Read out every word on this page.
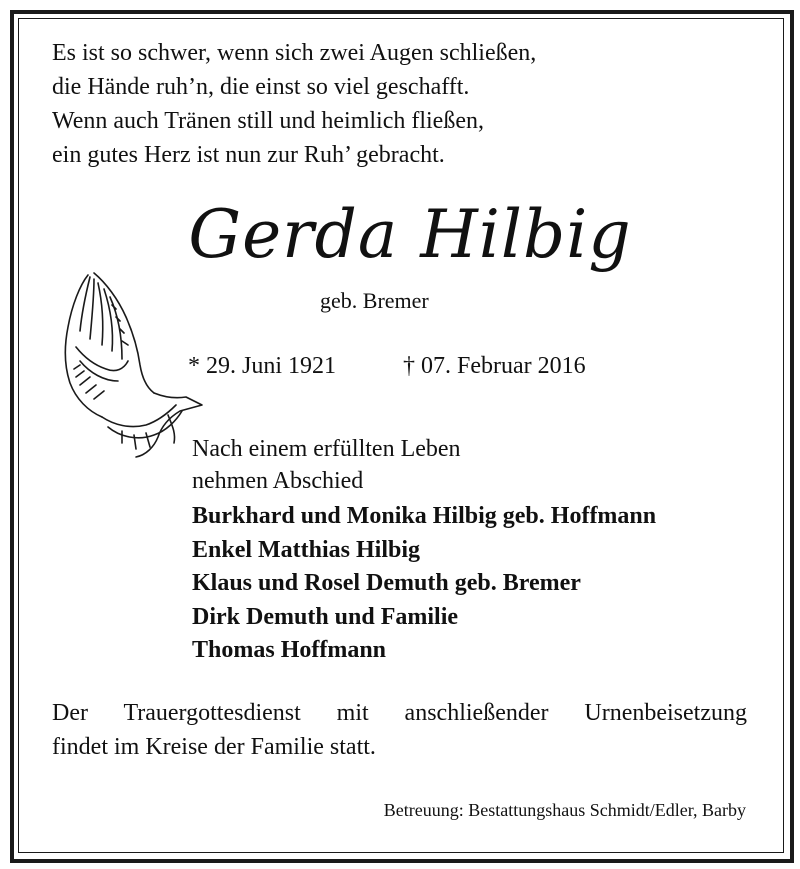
Es ist so schwer, wenn sich zwei Augen schließen,
die Hände ruh’n, die einst so viel geschafft.
Wenn auch Tränen still und heimlich fließen,
ein gutes Herz ist nun zur Ruh’ gebracht.
Gerda Hilbig
geb. Bremer
* 29. Juni 1921	† 07. Februar 2016
Nach einem erfüllten Leben
nehmen Abschied
Burkhard und Monika Hilbig geb. Hoffmann
Enkel Matthias Hilbig
Klaus und Rosel Demuth geb. Bremer
Dirk Demuth und Familie
Thomas Hoffmann
Der Trauergottesdienst mit anschließender Urnenbeisetzung
findet im Kreise der Familie statt.
Betreuung: Bestattungshaus Schmidt/Edler, Barby
